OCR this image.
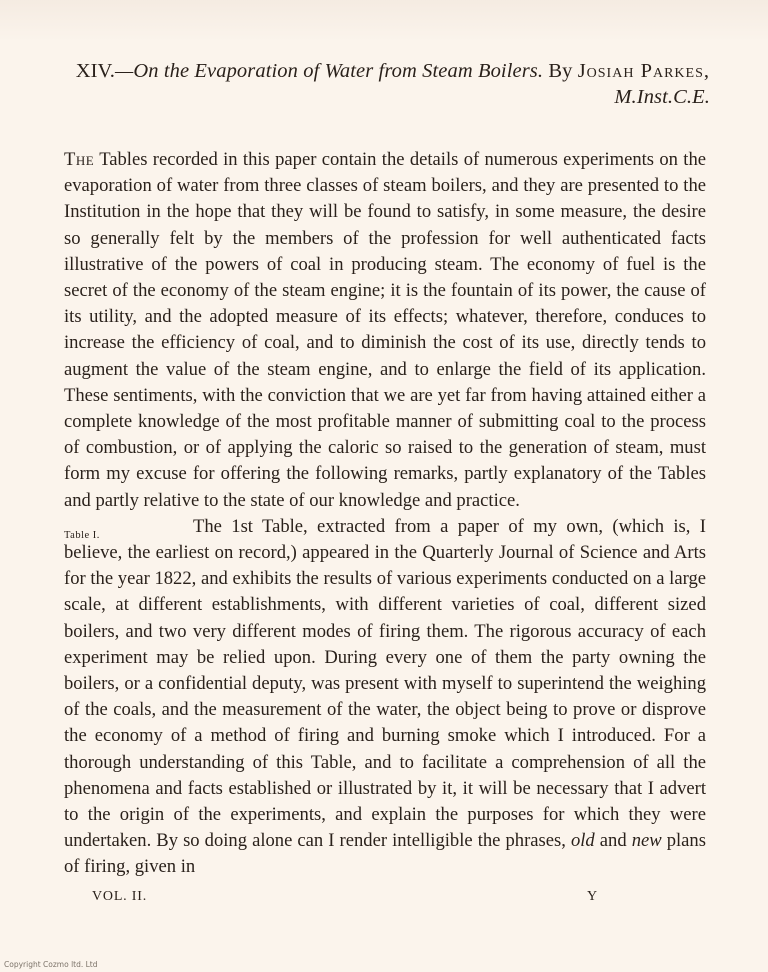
XIV.—On the Evaporation of Water from Steam Boilers. By Josiah Parkes,
M.Inst.C.E.

The Tables recorded in this paper contain the details of numerous experiments on the evaporation of water from three classes of steam boilers, and they are presented to the Institution in the hope that they will be found to satisfy, in some measure, the desire so generally felt by the members of the profession for well authenticated facts illustrative of the powers of coal in producing steam. The economy of fuel is the secret of the economy of the steam engine; it is the fountain of its power, the cause of its utility, and the adopted measure of its effects; whatever, therefore, conduces to increase the efficiency of coal, and to diminish the cost of its use, directly tends to augment the value of the steam engine, and to enlarge the field of its application. These sentiments, with the conviction that we are yet far from having attained either a complete knowledge of the most profitable manner of submitting coal to the process of combustion, or of applying the caloric so raised to the generation of steam, must form my excuse for offering the following remarks, partly explanatory of the Tables and partly relative to the state of our knowledge and practice.

The 1st Table, extracted from a paper of my own, (which is, I believe, the earliest on record,) appeared in the Quarterly Journal of Science and Arts for the year 1822, and exhibits the results of various experiments conducted on a large scale, at different establishments, with different varieties of coal, different sized boilers, and two very different modes of firing them. The rigorous accuracy of each experiment may be relied upon. During every one of them the party owning the boilers, or a confidential deputy, was present with myself to superintend the weighing of the coals, and the measurement of the water, the object being to prove or disprove the economy of a method of firing and burning smoke which I introduced. For a thorough understanding of this Table, and to facilitate a comprehension of all the phenomena and facts established or illustrated by it, it will be necessary that I advert to the origin of the experiments, and explain the purposes for which they were undertaken. By so doing alone can I render intelligible the phrases, old and new plans of firing, given in

Table I.
VOL. II.	Y
Copyright Cozmo ltd. Ltd
